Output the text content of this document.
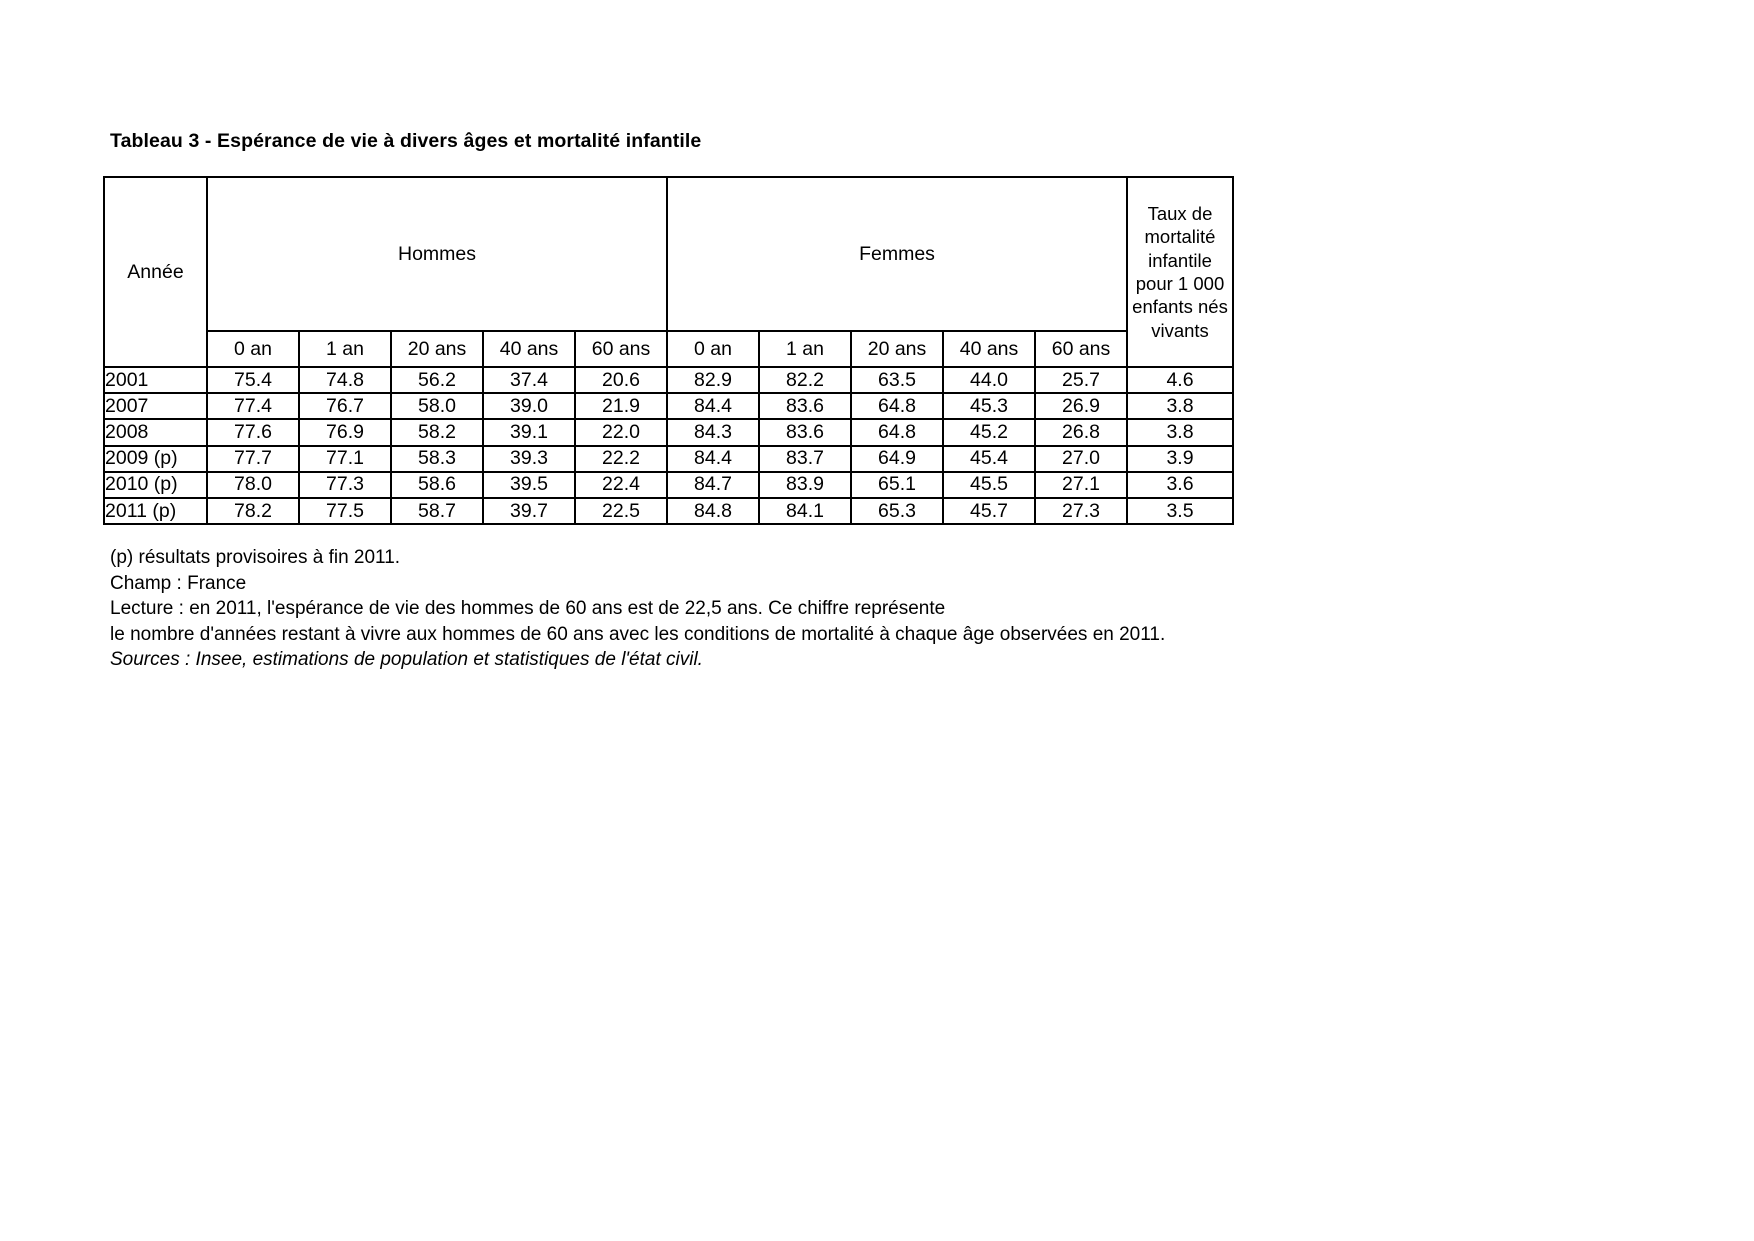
Tableau 3 - Espérance de vie à divers âges et mortalité infantile
Année	Hommes					Femmes					Taux de mortalité infantile pour 1 000 enfants nés vivants
	0 an	1 an	20 ans	40 ans	60 ans	0 an	1 an	20 ans	40 ans	60 ans	
2001	75.4	74.8	56.2	37.4	20.6	82.9	82.2	63.5	44.0	25.7	4.6
2007	77.4	76.7	58.0	39.0	21.9	84.4	83.6	64.8	45.3	26.9	3.8
2008	77.6	76.9	58.2	39.1	22.0	84.3	83.6	64.8	45.2	26.8	3.8
2009 (p)	77.7	77.1	58.3	39.3	22.2	84.4	83.7	64.9	45.4	27.0	3.9
2010 (p)	78.0	77.3	58.6	39.5	22.4	84.7	83.9	65.1	45.5	27.1	3.6
2011 (p)	78.2	77.5	58.7	39.7	22.5	84.8	84.1	65.3	45.7	27.3	3.5
(p) résultats provisoires à fin 2011.
Champ : France
Lecture : en 2011, l'espérance de vie des hommes de 60 ans est de 22,5 ans. Ce chiffre représente
le nombre d'années restant à vivre aux hommes de 60 ans avec les conditions de mortalité à chaque âge observées en 2011.
Sources : Insee, estimations de population et statistiques de l'état civil.
